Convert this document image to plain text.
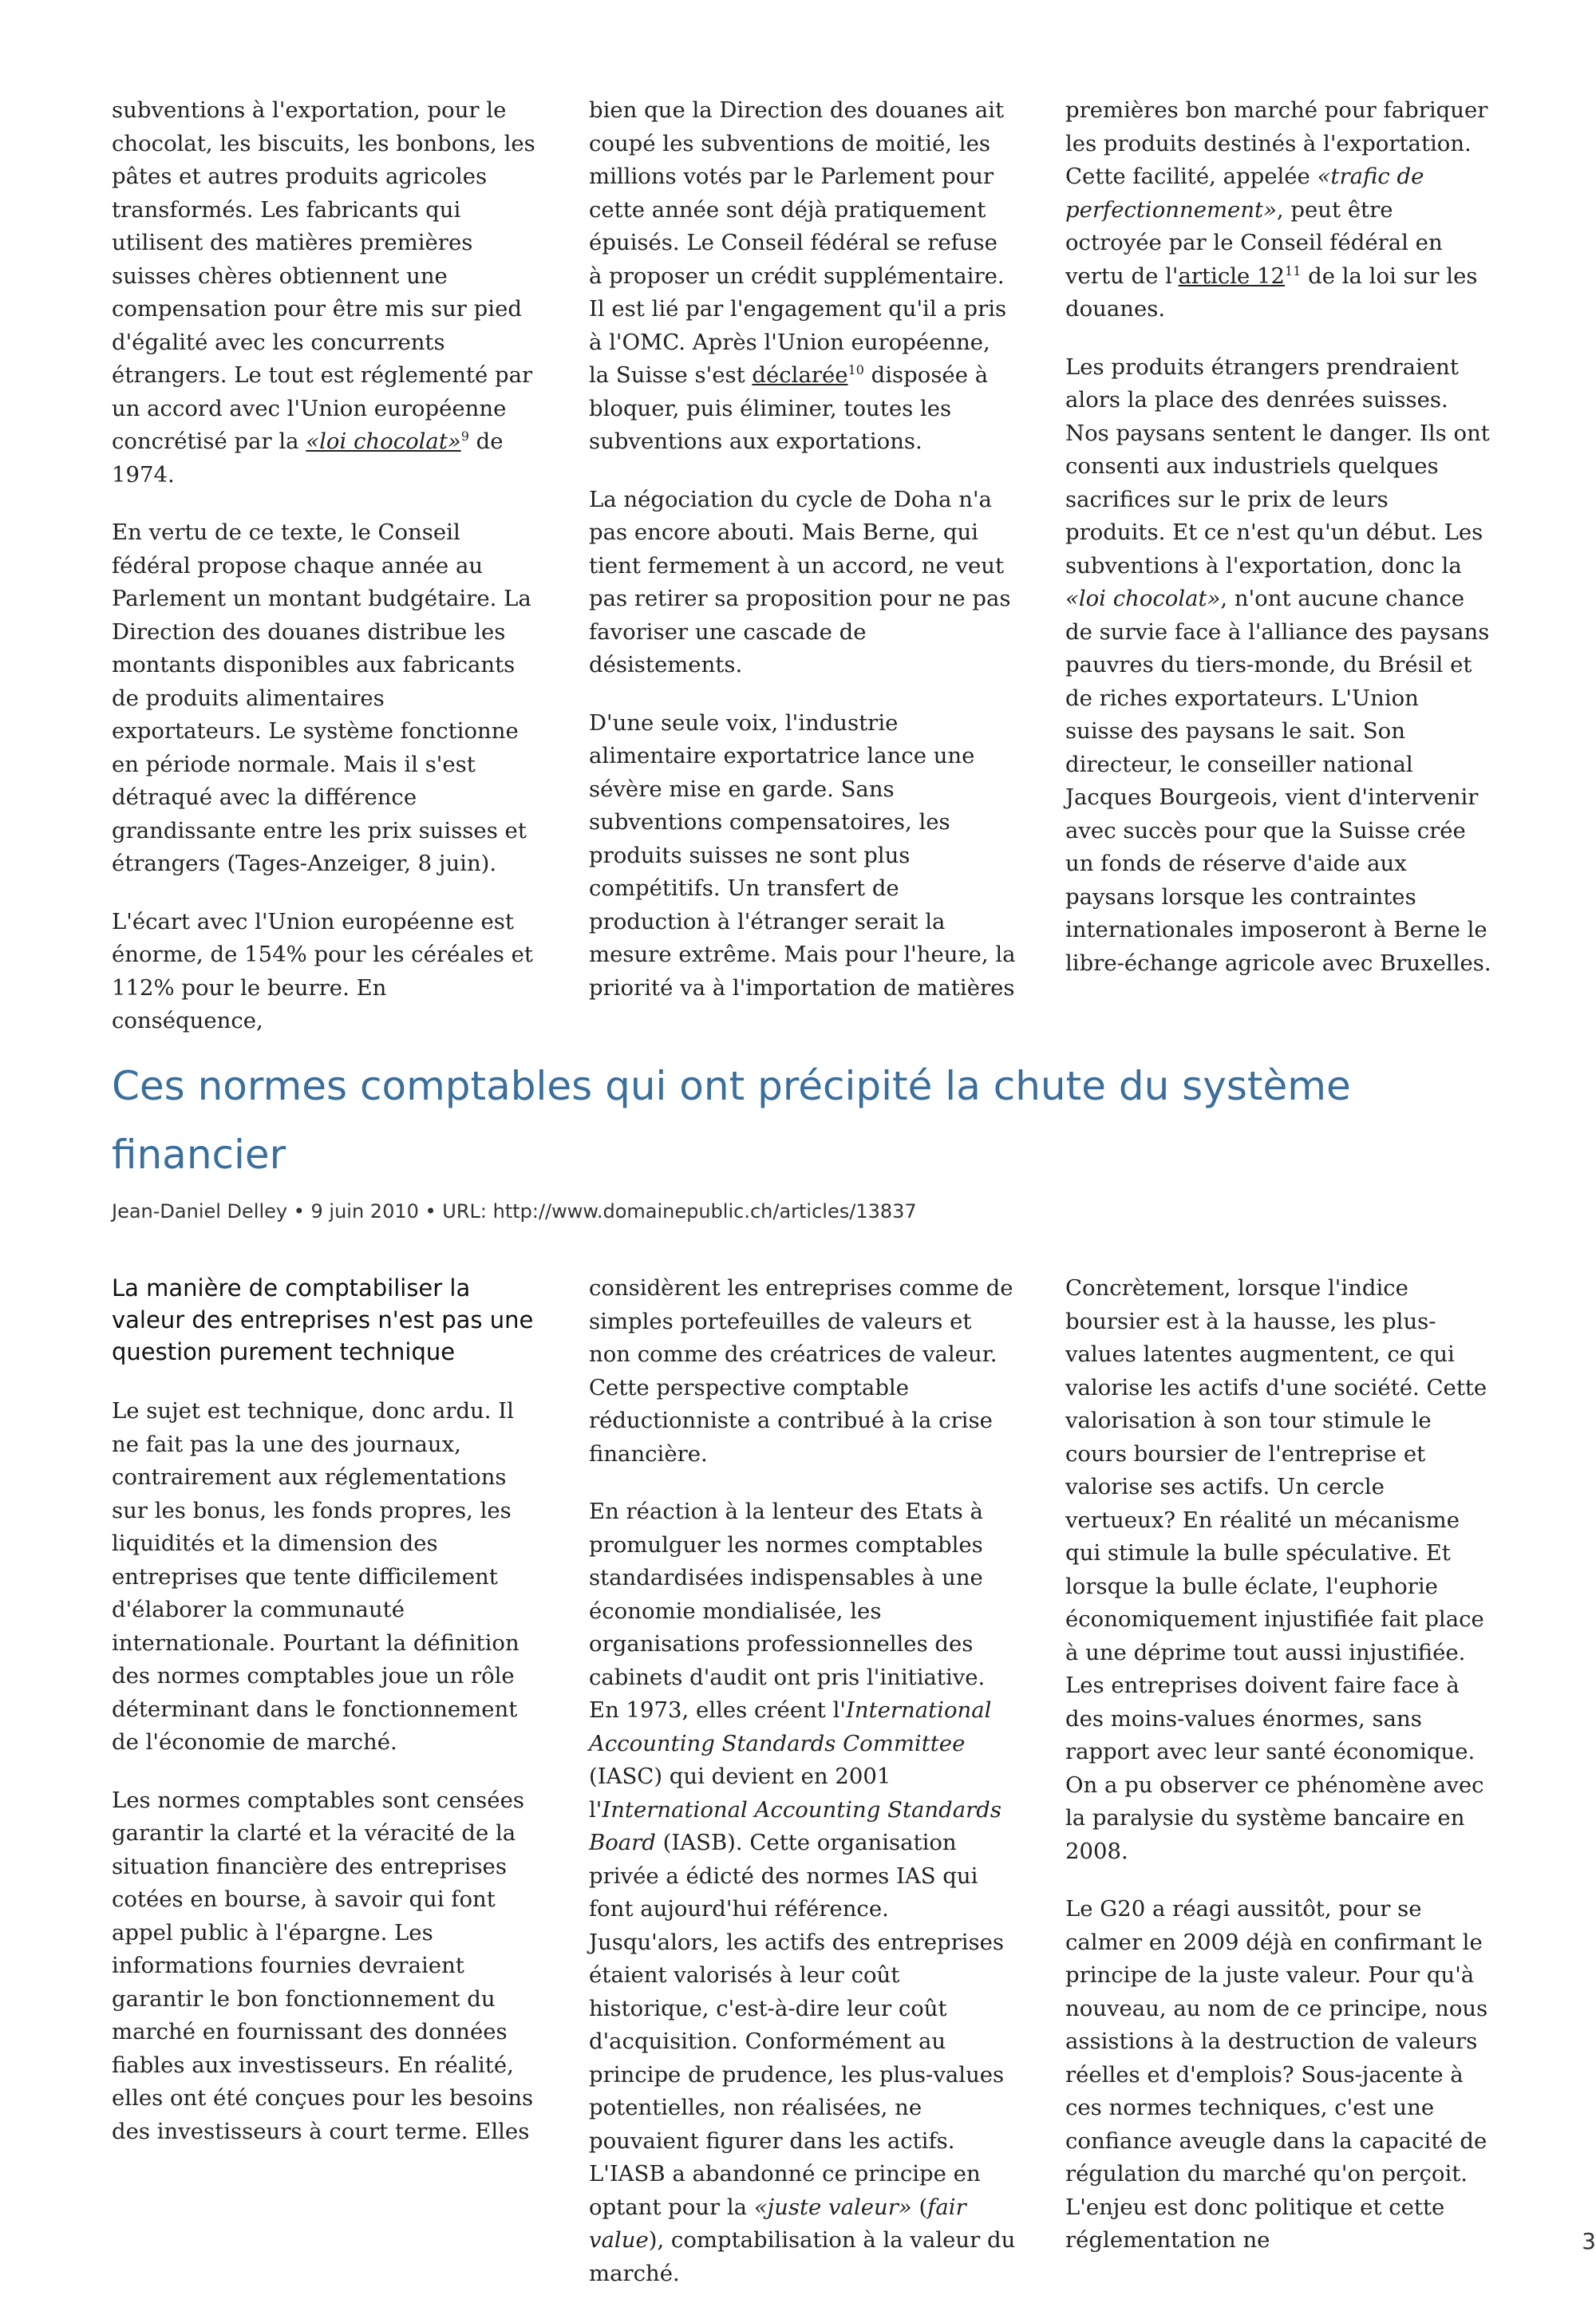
subventions à l'exportation, pour le chocolat, les biscuits, les bonbons, les pâtes et autres produits agricoles transformés. Les fabricants qui utilisent des matières premières suisses chères obtiennent une compensation pour être mis sur pied d'égalité avec les concurrents étrangers. Le tout est réglementé par un accord avec l'Union européenne concrétisé par la «loi chocolat»$^9$ de 1974.

En vertu de ce texte, le Conseil fédéral propose chaque année au Parlement un montant budgétaire. La Direction des douanes distribue les montants disponibles aux fabricants de produits alimentaires exportateurs. Le système fonctionne en période normale. Mais il s'est détraqué avec la différence grandissante entre les prix suisses et étrangers (Tages-Anzeiger, 8 juin).

L'écart avec l'Union européenne est énorme, de 154% pour les céréales et 112% pour le beurre. En conséquence,

bien que la Direction des douanes ait coupé les subventions de moitié, les millions votés par le Parlement pour cette année sont déjà pratiquement épuisés. Le Conseil fédéral se refuse à proposer un crédit supplémentaire. Il est lié par l'engagement qu'il a pris à l'OMC. Après l'Union européenne, la Suisse s'est déclarée$^{10}$ disposée à bloquer, puis éliminer, toutes les subventions aux exportations.

La négociation du cycle de Doha n'a pas encore abouti. Mais Berne, qui tient fermement à un accord, ne veut pas retirer sa proposition pour ne pas favoriser une cascade de désistements.

D'une seule voix, l'industrie alimentaire exportatrice lance une sévère mise en garde. Sans subventions compensatoires, les produits suisses ne sont plus compétitifs. Un transfert de production à l'étranger serait la mesure extrême. Mais pour l'heure, la priorité va à l'importation de matières

premières bon marché pour fabriquer les produits destinés à l'exportation. Cette facilité, appelée «trafic de perfectionnement», peut être octroyée par le Conseil fédéral en vertu de l'article 12$^{11}$ de la loi sur les douanes.

Les produits étrangers prendraient alors la place des denrées suisses. Nos paysans sentent le danger. Ils ont consenti aux industriels quelques sacrifices sur le prix de leurs produits. Et ce n'est qu'un début. Les subventions à l'exportation, donc la «loi chocolat», n'ont aucune chance de survie face à l'alliance des paysans pauvres du tiers-monde, du Brésil et de riches exportateurs. L'Union suisse des paysans le sait. Son directeur, le conseiller national Jacques Bourgeois, vient d'intervenir avec succès pour que la Suisse crée un fonds de réserve d'aide aux paysans lorsque les contraintes internationales imposeront à Berne le libre-échange agricole avec Bruxelles.

Ces normes comptables qui ont précipité la chute du système financier
Jean-Daniel Delley • 9 juin 2010 • URL: http://www.domainepublic.ch/articles/13837
La manière de comptabiliser la valeur des entreprises n'est pas une question purement technique

Le sujet est technique, donc ardu. Il ne fait pas la une des journaux, contrairement aux réglementations sur les bonus, les fonds propres, les liquidités et la dimension des entreprises que tente difficilement d'élaborer la communauté internationale. Pourtant la définition des normes comptables joue un rôle déterminant dans le fonctionnement de l'économie de marché.

Les normes comptables sont censées garantir la clarté et la véracité de la situation financière des entreprises cotées en bourse, à savoir qui font appel public à l'épargne. Les informations fournies devraient garantir le bon fonctionnement du marché en fournissant des données fiables aux investisseurs. En réalité, elles ont été conçues pour les besoins des investisseurs à court terme. Elles

considèrent les entreprises comme de simples portefeuilles de valeurs et non comme des créatrices de valeur. Cette perspective comptable réductionniste a contribué à la crise financière.

En réaction à la lenteur des Etats à promulguer les normes comptables standardisées indispensables à une économie mondialisée, les organisations professionnelles des cabinets d'audit ont pris l'initiative. En 1973, elles créent l'International Accounting Standards Committee (IASC) qui devient en 2001 l'International Accounting Standards Board (IASB). Cette organisation privée a édicté des normes IAS qui font aujourd'hui référence. Jusqu'alors, les actifs des entreprises étaient valorisés à leur coût historique, c'est-à-dire leur coût d'acquisition. Conformément au principe de prudence, les plus-values potentielles, non réalisées, ne pouvaient figurer dans les actifs. L'IASB a abandonné ce principe en optant pour la «juste valeur» (fair value), comptabilisation à la valeur du marché.

Concrètement, lorsque l'indice boursier est à la hausse, les plus-values latentes augmentent, ce qui valorise les actifs d'une société. Cette valorisation à son tour stimule le cours boursier de l'entreprise et valorise ses actifs. Un cercle vertueux? En réalité un mécanisme qui stimule la bulle spéculative. Et lorsque la bulle éclate, l'euphorie économiquement injustifiée fait place à une déprime tout aussi injustifiée. Les entreprises doivent faire face à des moins-values énormes, sans rapport avec leur santé économique. On a pu observer ce phénomène avec la paralysie du système bancaire en 2008.

Le G20 a réagi aussitôt, pour se calmer en 2009 déjà en confirmant le principe de la juste valeur. Pour qu'à nouveau, au nom de ce principe, nous assistions à la destruction de valeurs réelles et d'emplois? Sous-jacente à ces normes techniques, c'est une confiance aveugle dans la capacité de régulation du marché qu'on perçoit. L'enjeu est donc politique et cette réglementation ne	3
